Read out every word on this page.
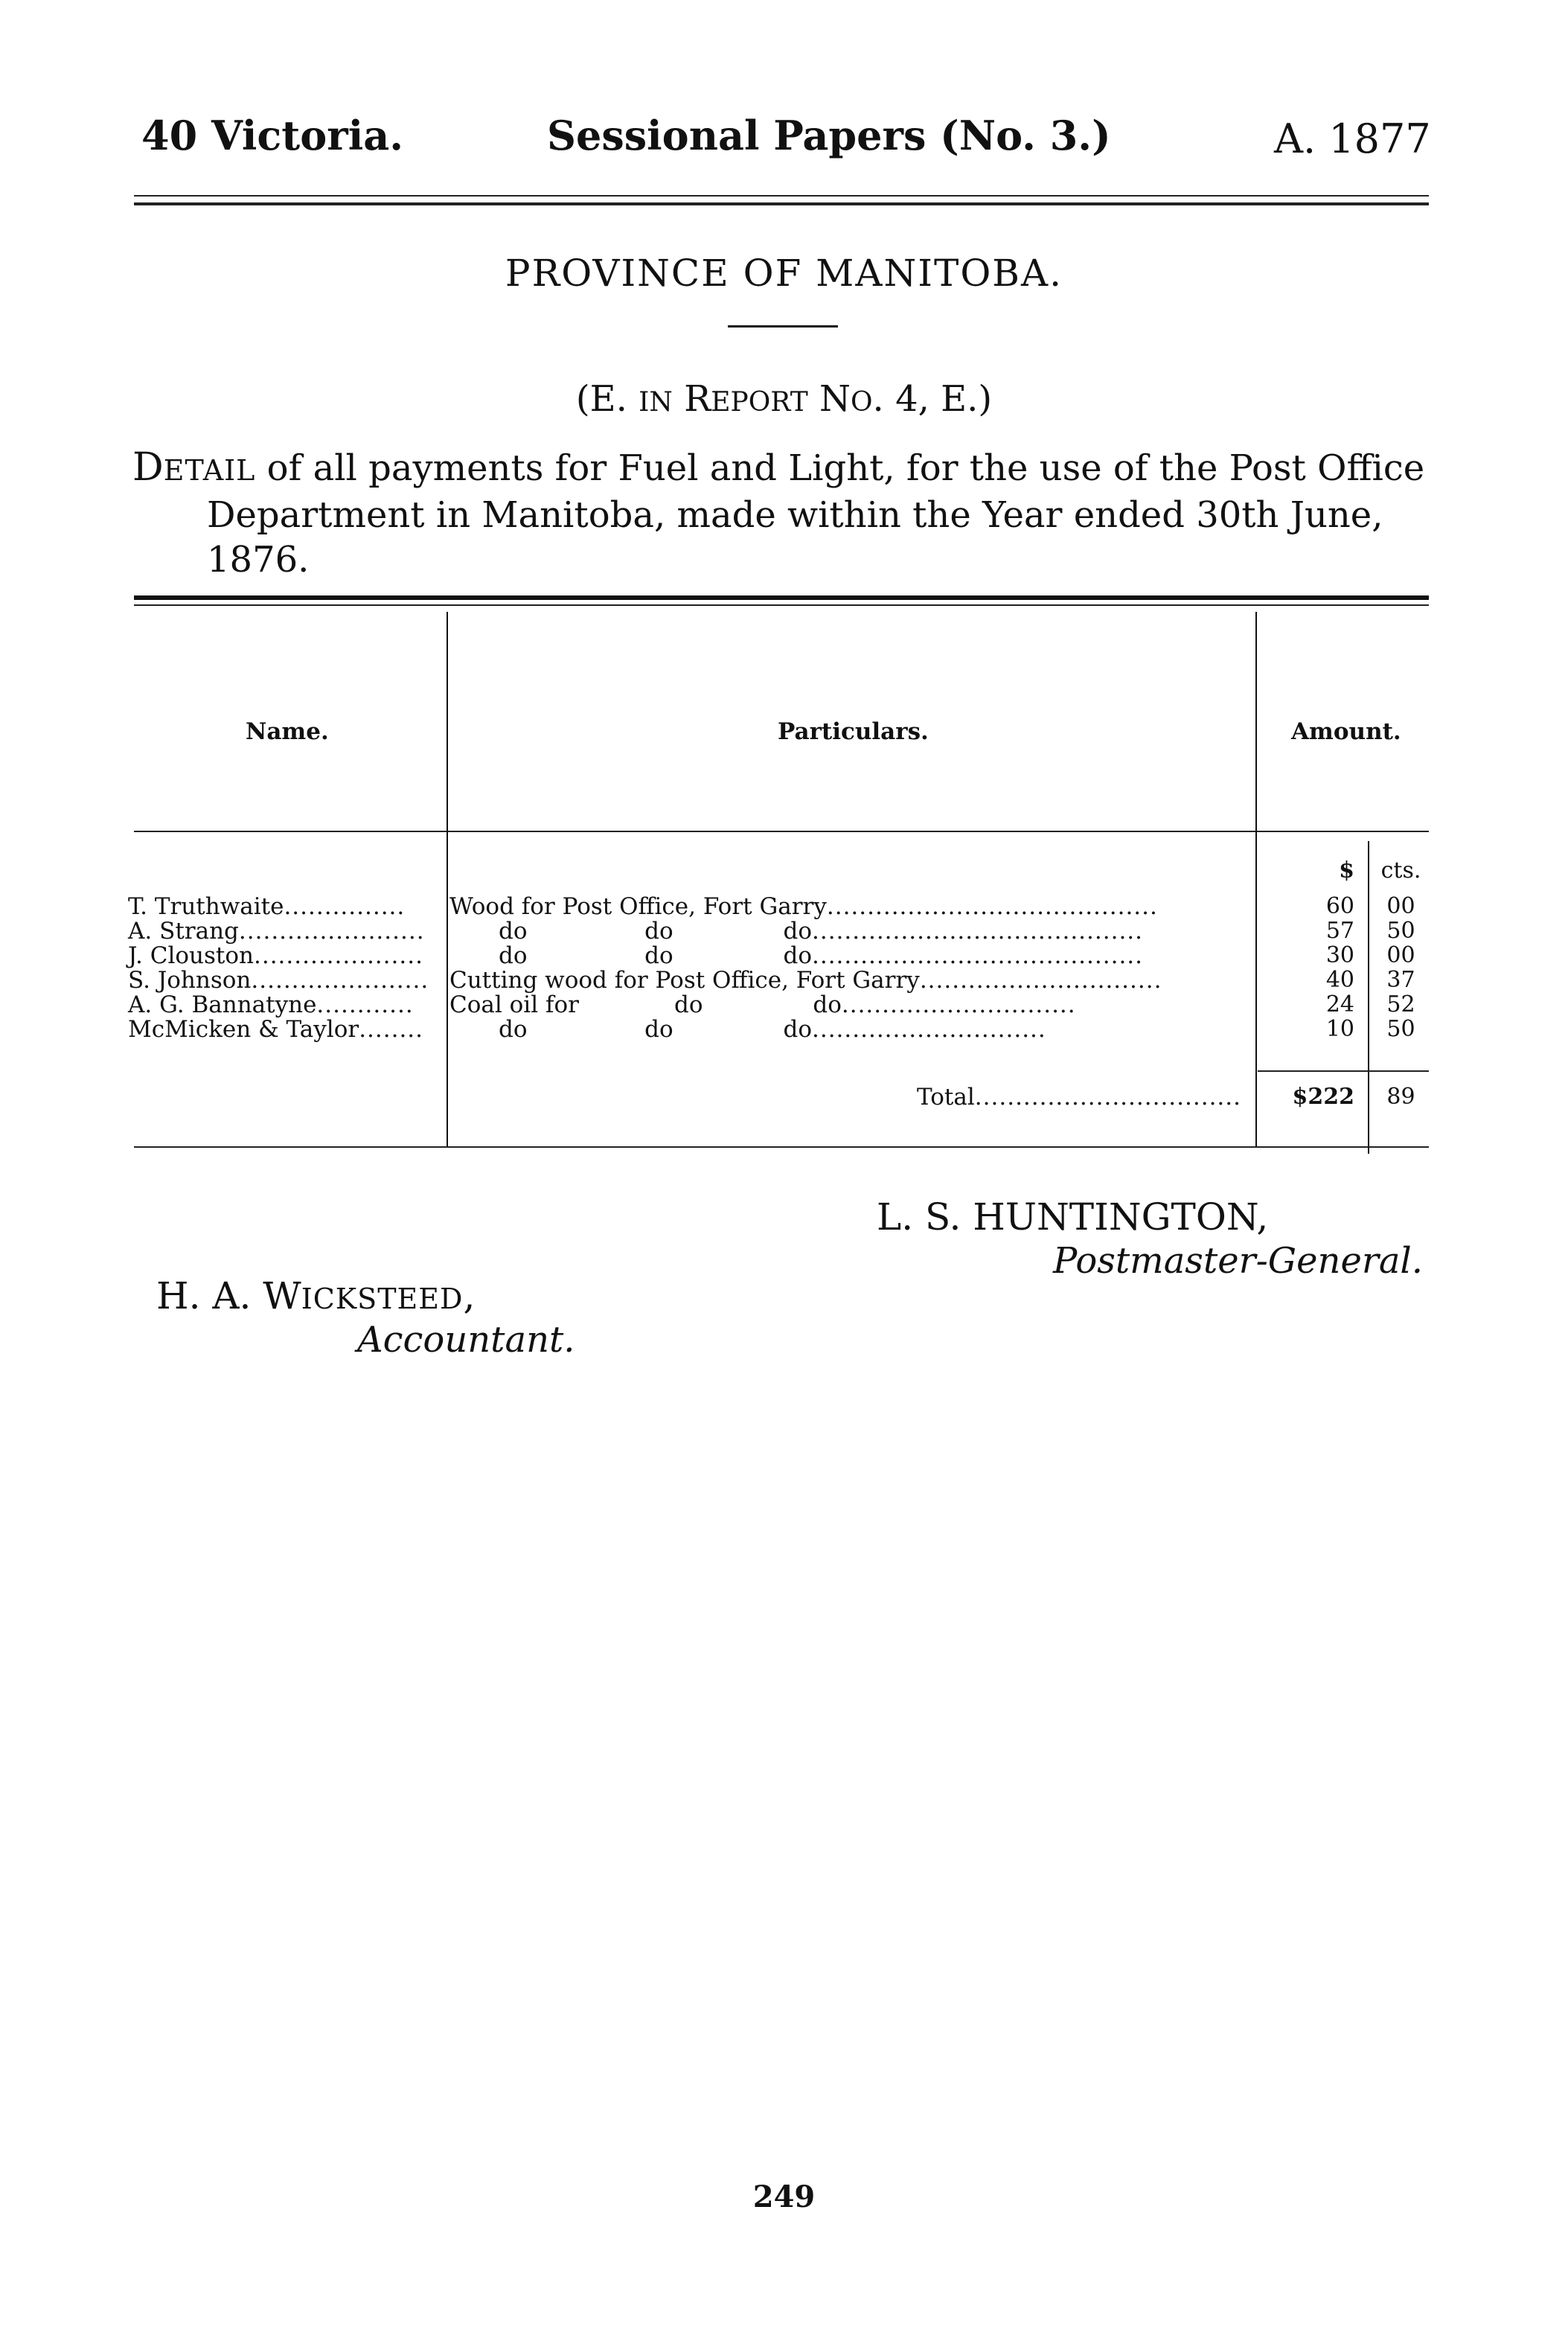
40 Victoria.	Sessional Papers (No. 3.)	A. 1877
PROVINCE OF MANITOBA.
(E. IN REPORT NO. 4, E.)
DETAIL of all payments for Fuel and Light, for the use of the Post Office
Department in Manitoba, made within the Year ended 30th June,
1876.
Name.	Particulars.	Amount.
$	cts.
T. Truthwaite............... Wood for Post Office, Fort Garry.........................................	60	00
A. Strang.......................	do                do               do.........................................	57	50
J. Clouston.....................	do                do               do.........................................	30	00
S. Johnson...................... Cutting wood for Post Office, Fort Garry..............................	40	37
A. G. Bannatyne............ Coal oil for             do               do.............................	24	52
McMicken & Taylor........	do                do               do.............................	10	50
Total.................................	$222	89
L. S. HUNTINGTON,
Postmaster-General.
H. A. WICKSTEED,
Accountant.
249
